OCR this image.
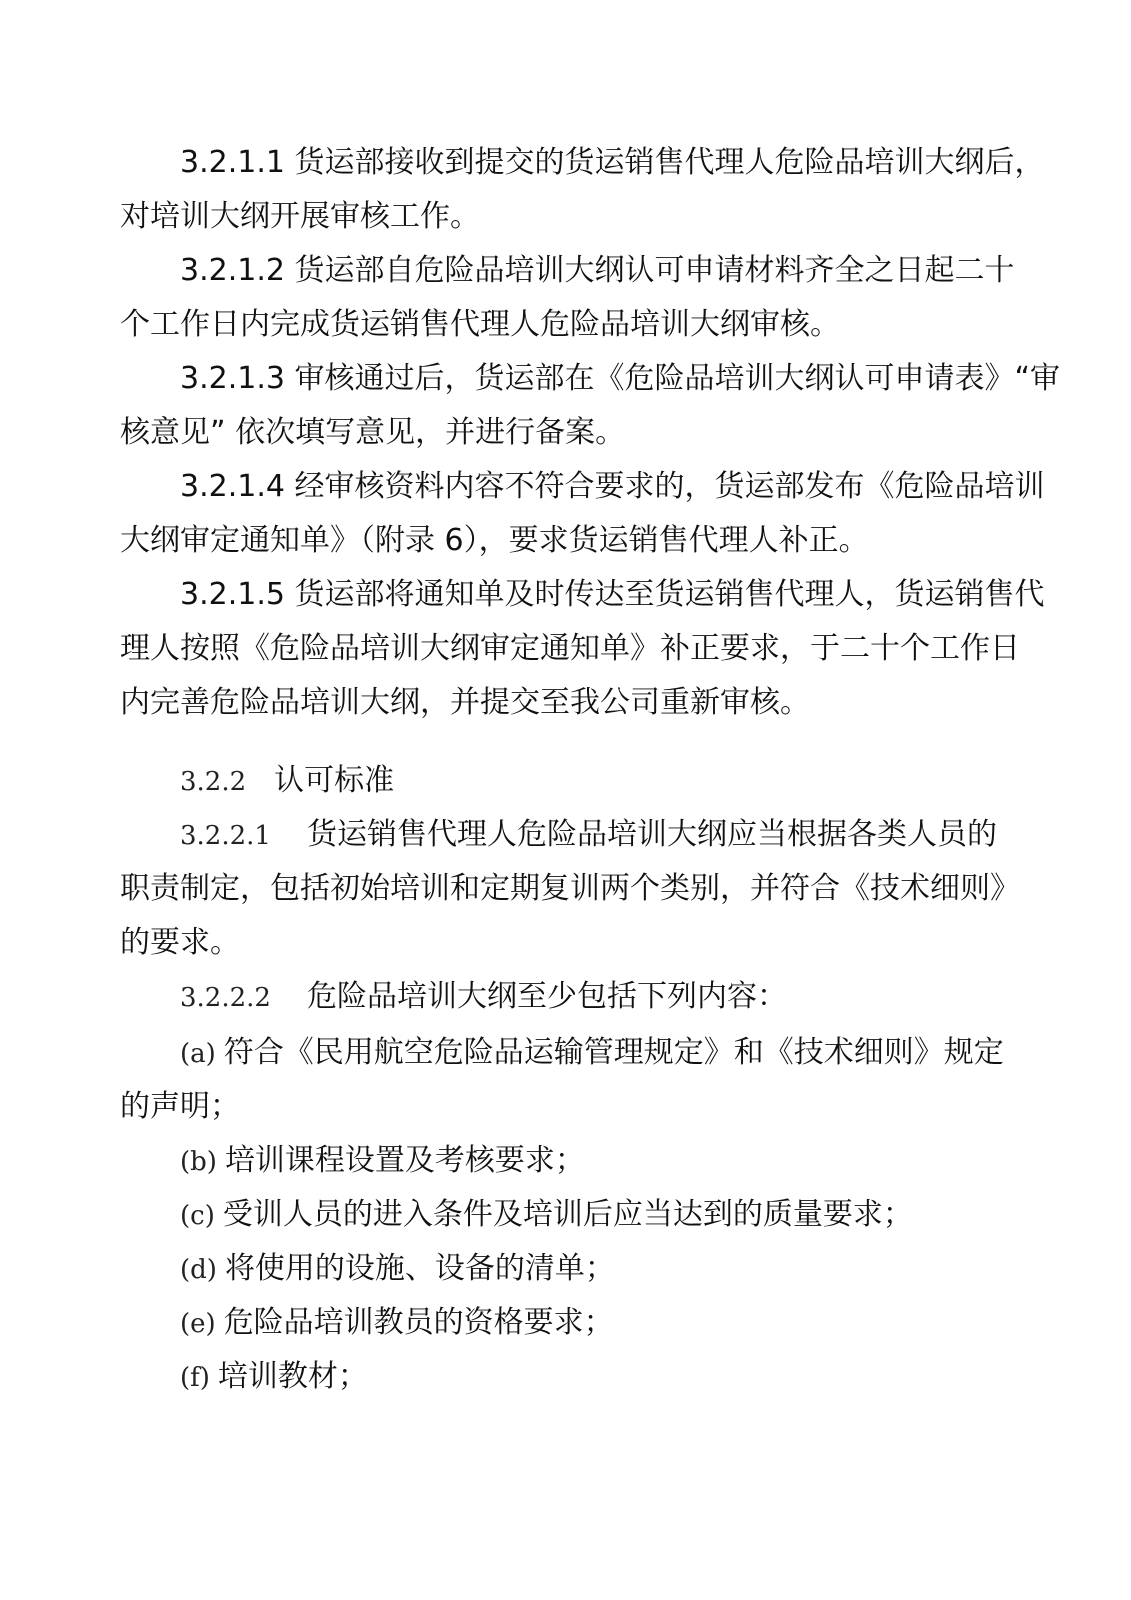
3.2.1.1 货运部接收到提交的货运销售代理人危险品培训大纲后，
对培训大纲开展审核工作。
3.2.1.2 货运部自危险品培训大纲认可申请材料齐全之日起二十
个工作日内完成货运销售代理人危险品培训大纲审核。
3.2.1.3 审核通过后，货运部在《危险品培训大纲认可申请表》“审
核意见” 依次填写意见，并进行备案。
3.2.1.4 经审核资料内容不符合要求的，货运部发布《危险品培训
大纲审定通知单》（附录 6），要求货运销售代理人补正。
3.2.1.5 货运部将通知单及时传达至货运销售代理人，货运销售代
理人按照《危险品培训大纲审定通知单》补正要求，于二十个工作日
内完善危险品培训大纲，并提交至我公司重新审核。
3.2.2 认可标准
3.2.2.1 货运销售代理人危险品培训大纲应当根据各类人员的
职责制定，包括初始培训和定期复训两个类别，并符合《技术细则》
的要求。
3.2.2.2 危险品培训大纲至少包括下列内容：
(a) 符合《民用航空危险品运输管理规定》和《技术细则》规定
的声明；
(b) 培训课程设置及考核要求；
(c) 受训人员的进入条件及培训后应当达到的质量要求；
(d) 将使用的设施、设备的清单；
(e) 危险品培训教员的资格要求；
(f) 培训教材；
